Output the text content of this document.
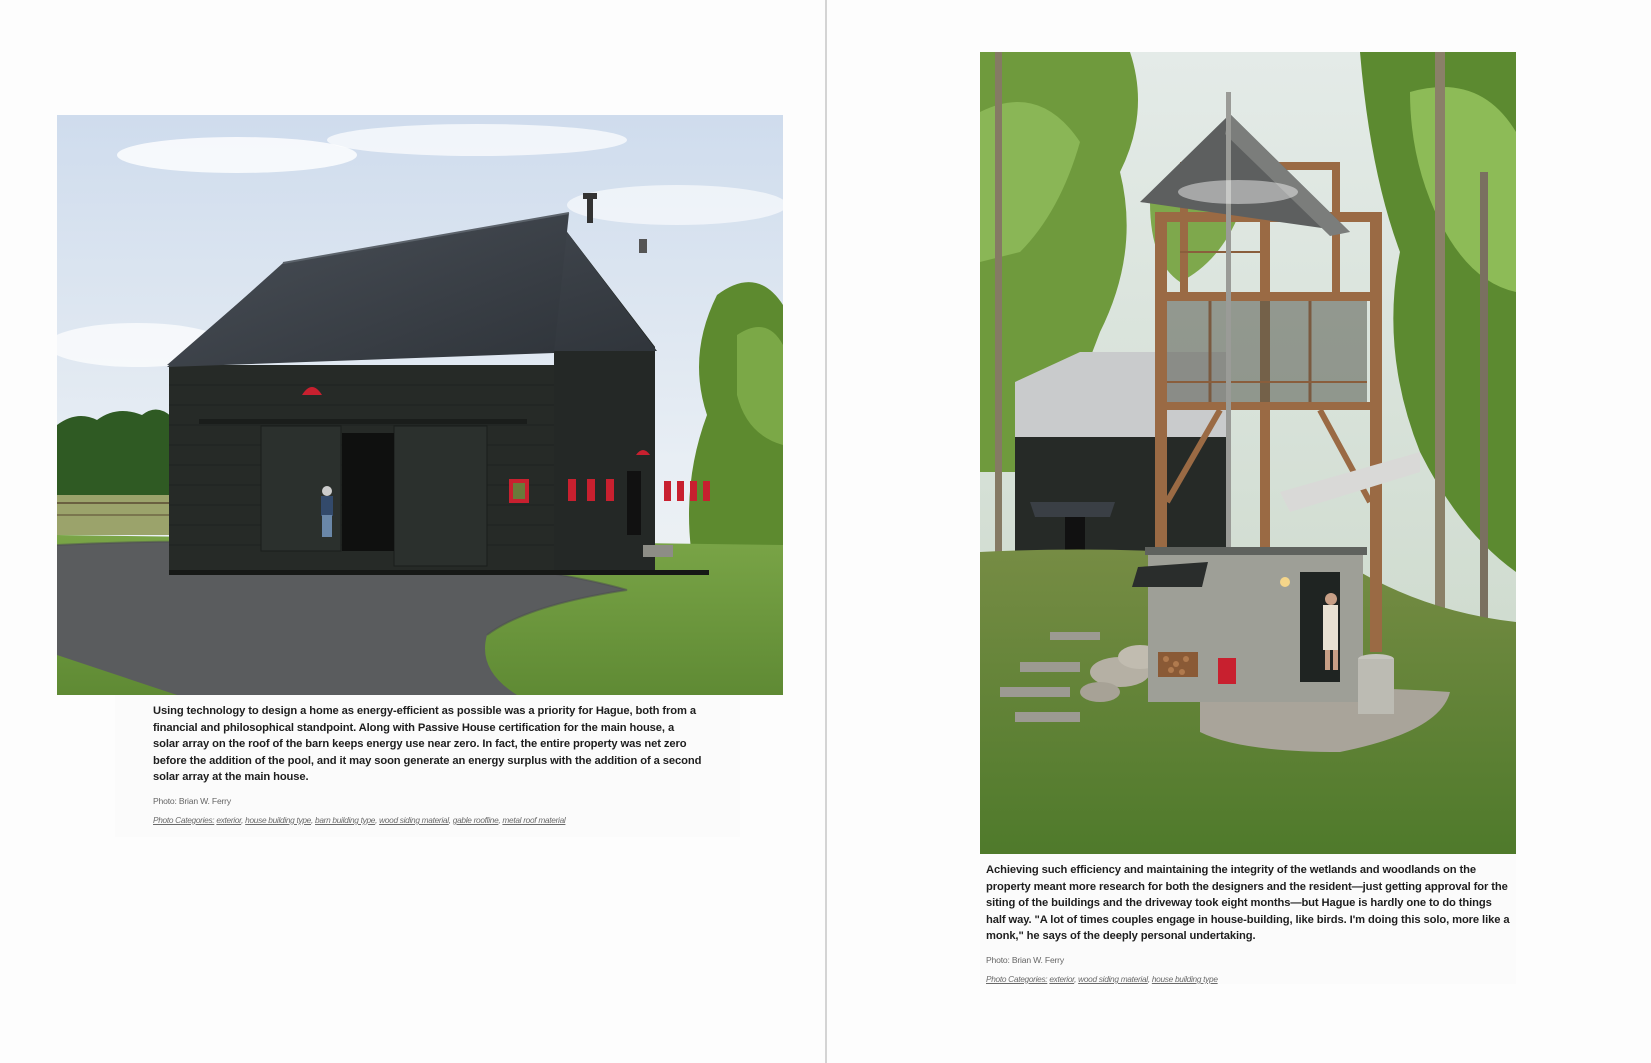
Using technology to design a home as energy-efficient as possible was a priority for Hague, both from a financial and philosophical standpoint. Along with Passive House certification for the main house, a solar array on the roof of the barn keeps energy use near zero. In fact, the entire property was net zero before the addition of the pool, and it may soon generate an energy surplus with the addition of a second solar array at the main house.

Photo: Brian W. Ferry

Photo Categories: exterior, house building type, barn building type, wood siding material, gable roofline, metal roof material

Achieving such efficiency and maintaining the integrity of the wetlands and woodlands on the property meant more research for both the designers and the resident—just getting approval for the siting of the buildings and the driveway took eight months—but Hague is hardly one to do things half way. "A lot of times couples engage in house-building, like birds. I'm doing this solo, more like a monk," he says of the deeply personal undertaking.

Photo: Brian W. Ferry

Photo Categories: exterior, wood siding material, house building type
